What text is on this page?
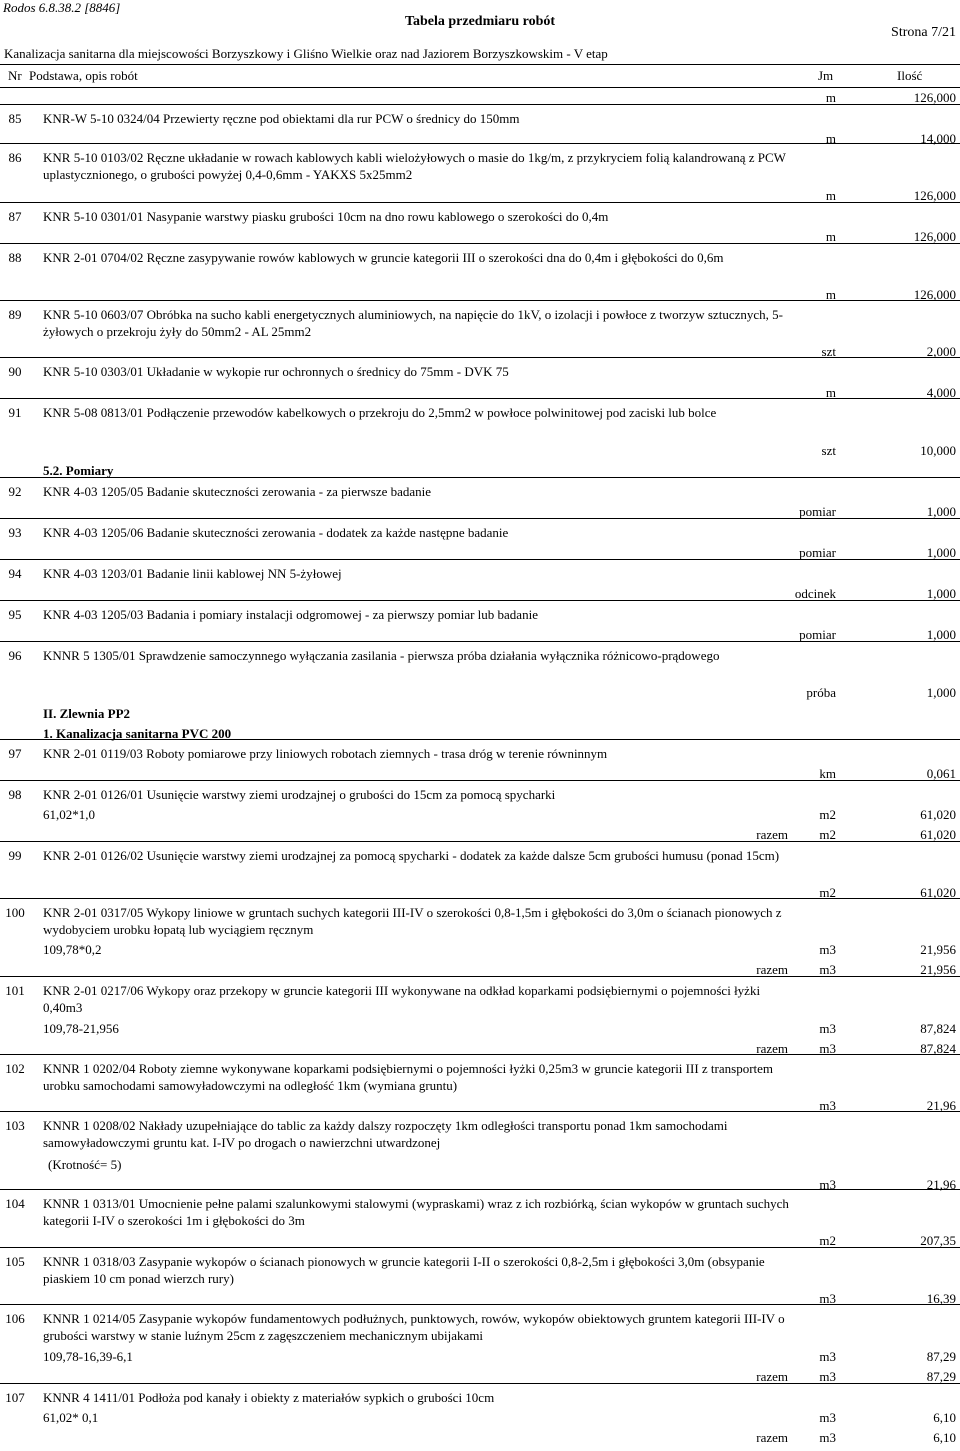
Rodos 6.8.38.2 [8846]
Tabela przedmiaru robót
Strona 7/21
Kanalizacja sanitarna dla miejscowości Borzyszkowy i Gliśno Wielkie oraz nad Jaziorem Borzyszkowskim - V etap
Nr Podstawa, opis robót	Jm	Ilość
m	126,000
85	KNR-W 5-10 0324/04 Przewierty ręczne pod obiektami dla rur PCW o średnicy do 150mm
m	14,000
86	KNR 5-10 0103/02 Ręczne układanie w rowach kablowych kabli wielożyłowych o masie do 1kg/m, z przykryciem folią kalandrowaną z PCW uplastycznionego, o grubości powyżej 0,4-0,6mm - YAKXS 5x25mm2
m	126,000
87	KNR 5-10 0301/01 Nasypanie warstwy piasku grubości 10cm na dno rowu kablowego o szerokości do 0,4m
m	126,000
88	KNR 2-01 0704/02 Ręczne zasypywanie rowów kablowych w gruncie kategorii III o szerokości dna do 0,4m i głębokości do 0,6m
m	126,000
89	KNR 5-10 0603/07 Obróbka na sucho kabli energetycznych aluminiowych, na napięcie do 1kV, o izolacji i powłoce z tworzyw sztucznych, 5-żyłowych o przekroju żyły do 50mm2 - AL 25mm2
szt	2,000
90	KNR 5-10 0303/01 Układanie w wykopie rur ochronnych o średnicy do 75mm - DVK 75
m	4,000
91	KNR 5-08 0813/01 Podłączenie przewodów kabelkowych o przekroju do 2,5mm2 w powłoce polwinitowej pod zaciski lub bolce
szt	10,000
5.2. Pomiary
92	KNR 4-03 1205/05 Badanie skuteczności zerowania - za pierwsze badanie
pomiar	1,000
93	KNR 4-03 1205/06 Badanie skuteczności zerowania - dodatek za każde następne badanie
pomiar	1,000
94	KNR 4-03 1203/01 Badanie linii kablowej NN 5-żyłowej
odcinek	1,000
95	KNR 4-03 1205/03 Badania i pomiary instalacji odgromowej - za pierwszy pomiar lub badanie
pomiar	1,000
96	KNNR 5 1305/01 Sprawdzenie samoczynnego wyłączania zasilania - pierwsza próba działania wyłącznika różnicowo-prądowego
próba	1,000
II. Zlewnia PP2
1. Kanalizacja sanitarna PVC 200
97	KNR 2-01 0119/03 Roboty pomiarowe przy liniowych robotach ziemnych - trasa dróg w terenie równinnym
km	0,061
98	KNR 2-01 0126/01 Usunięcie warstwy ziemi urodzajnej o grubości do 15cm za pomocą spycharki
61,02*1,0	m2	61,020
razem m2	61,020
99	KNR 2-01 0126/02 Usunięcie warstwy ziemi urodzajnej za pomocą spycharki - dodatek za każde dalsze 5cm grubości humusu (ponad 15cm)
m2	61,020
100	KNR 2-01 0317/05 Wykopy liniowe w gruntach suchych kategorii III-IV o szerokości 0,8-1,5m i głębokości do 3,0m o ścianach pionowych z wydobyciem urobku łopatą lub wyciągiem ręcznym
109,78*0,2	m3	21,956
razem m3	21,956
101	KNR 2-01 0217/06 Wykopy oraz przekopy w gruncie kategorii III wykonywane na odkład koparkami podsiębiernymi o pojemności łyżki 0,40m3
109,78-21,956	m3	87,824
razem m3	87,824
102	KNNR 1 0202/04 Roboty ziemne wykonywane koparkami podsiębiernymi o pojemności łyżki 0,25m3 w gruncie kategorii III z transportem urobku samochodami samowyładowczymi na odległość 1km (wymiana gruntu)
m3	21,96
103	KNNR 1 0208/02 Nakłady uzupełniające do tablic za każdy dalszy rozpoczęty 1km odległości transportu ponad 1km samochodami samowyładowczymi gruntu kat. I-IV po drogach o nawierzchni utwardzonej
(Krotność= 5)
m3	21,96
104	KNNR 1 0313/01 Umocnienie pełne palami szalunkowymi stalowymi (wypraskami) wraz z ich rozbiórką, ścian wykopów w gruntach suchych kategorii I-IV o szerokości 1m i głębokości do 3m
m2	207,35
105	KNNR 1 0318/03 Zasypanie wykopów o ścianach pionowych w gruncie kategorii I-II o szerokości 0,8-2,5m i głębokości 3,0m (obsypanie piaskiem 10 cm ponad wierzch rury)
m3	16,39
106	KNNR 1 0214/05 Zasypanie wykopów fundamentowych podłużnych, punktowych, rowów, wykopów obiektowych gruntem kategorii III-IV o grubości warstwy w stanie luźnym 25cm z zagęszczeniem mechanicznym ubijakami
109,78-16,39-6,1	m3	87,29
razem m3	87,29
107	KNNR 4 1411/01 Podłoża pod kanały i obiekty z materiałów sypkich o grubości 10cm
61,02* 0,1	m3	6,10
razem m3	6,10
